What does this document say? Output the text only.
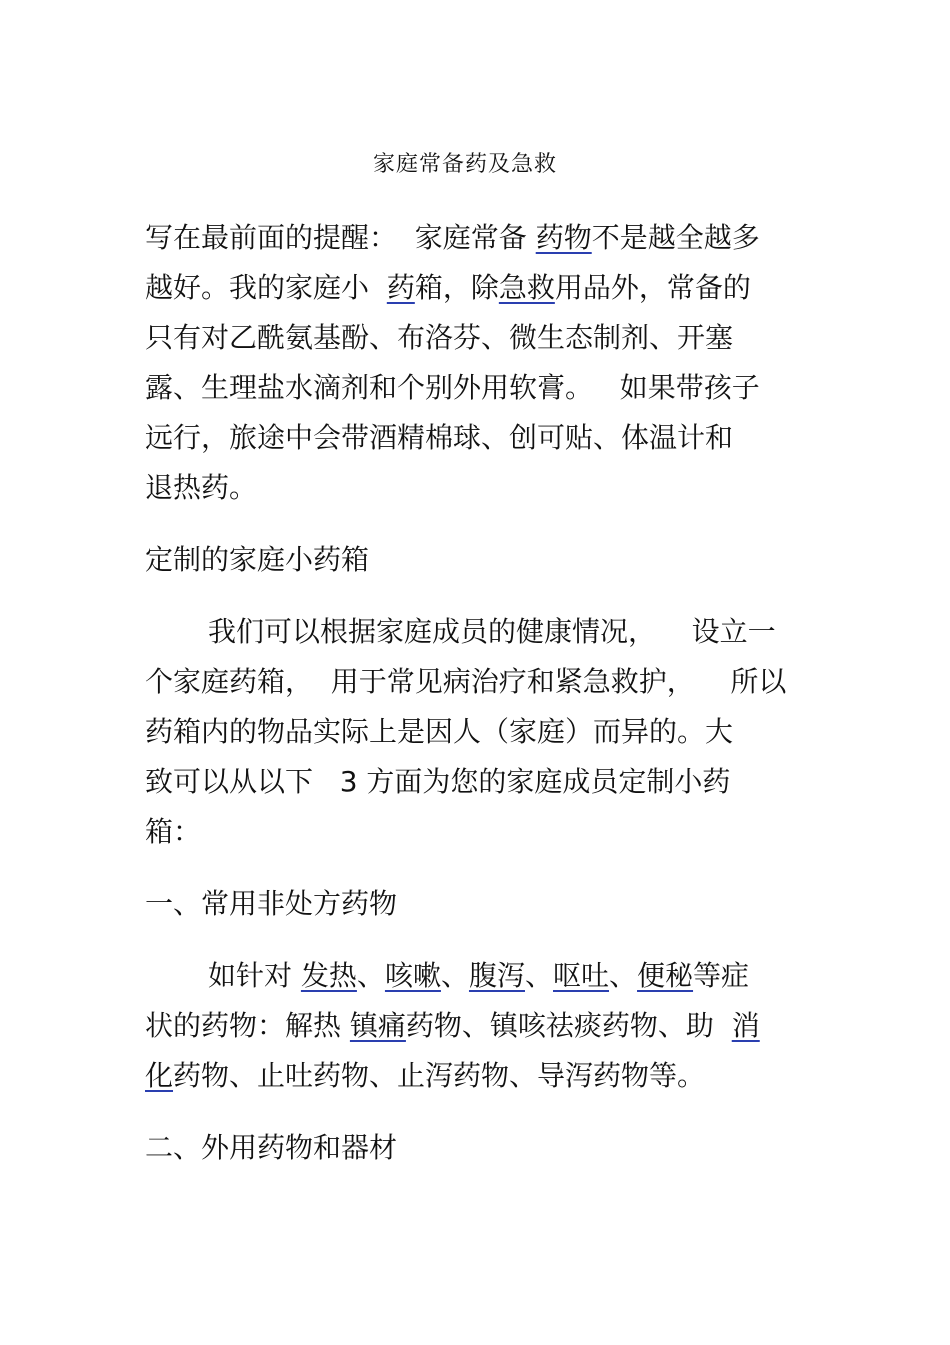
家庭常备药及急救
写在最前面的提醒：  家庭常备 药物不是越全越多
越好。我的家庭小  药箱，除急救用品外，常备的
只有对乙酰氨基酚、布洛芬、微生态制剂、开塞
露、生理盐水滴剂和个别外用软膏。   如果带孩子
远行，旅途中会带酒精棉球、创可贴、体温计和
退热药。
定制的家庭小药箱
我们可以根据家庭成员的健康情况，    设立一
个家庭药箱，  用于常见病治疗和紧急救护，    所以
药箱内的物品实际上是因人（家庭）而异的。大
致可以从以下   3 方面为您的家庭成员定制小药
箱：
一、常用非处方药物
如针对 发热、咳嗽、腹泻、呕吐、便秘等症
状的药物：解热 镇痛药物、镇咳祛痰药物、助  消
化药物、止吐药物、止泻药物、导泻药物等。
二、外用药物和器材
